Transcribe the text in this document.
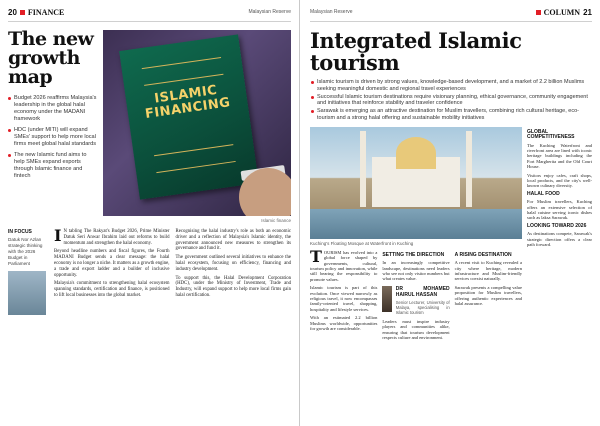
20 FINANCE	Malaysian Reserve
The new growth map
Budget 2026 reaffirms Malaysia's leadership in the global halal economy under the MADANI framework
HDC (under MITI) will expand SMEs' support to help more local firms meet global halal standards
The new Islamic fund aims to help SMEs expand exports through Islamic finance and fintech
ISLAMIC FINANCING
Islamic finance
IN FOCUS
Datuk Nor Azlan strategic thinking with the 2026 Budget in Parliament

I N tabling The Rakyat's Budget 2026, Prime Minister Datuk Seri Anwar Ibrahim laid out reforms to build momentum and strengthen the halal economy.

Beyond headline numbers and fiscal figures, the Fourth MADANI Budget sends a clear message: the halal economy is no longer a niche. It matters as a growth engine, a trade and export ladder and a builder of inclusive opportunity.

Malaysia's commitment to strengthening halal ecosystem spanning standards, certification and finance, is positioned to lift local businesses into the global market.

Recognising the halal industry's role as both an economic driver and a reflection of Malaysia's Islamic identity, the government announced new measures to strengthen its governance and fund it.

The government outlined several initiatives to enhance the halal ecosystem, focusing on efficiency, financing and industry development.

To support this, the Halal Development Corporation (HDC), under the Ministry of Investment, Trade and Industry, will expand support to help more local firms gain halal certification.

Malaysian Reserve	COLUMN 21
Integrated Islamic tourism
Islamic tourism is driven by strong values, knowledge-based development, and a market of 2.2 billion Muslims seeking meaningful domestic and regional travel experiences
Successful Islamic tourism destinations require visionary planning, ethical governance, community engagement and initiatives that reinforce stability and traveler confidence
Sarawak is emerging as an attractive destination for Muslim travellers, combining rich cultural heritage, eco-tourism and a strong halal offering and sustainable mobility initiatives
Kuching's Floating Mosque at Waterfront in Kuching

TOURISM has evolved into a global force shaped by governments, cultural, tourism policy and innovation, while still bearing the responsibility to promote values.

Islamic tourism is part of this evolution. Once viewed narrowly as religious travel, it now encompasses family-oriented travel, shopping, hospitality and lifestyle services.

With an estimated 2.2 billion Muslims worldwide, opportunities for growth are considerable.

SETTING THE DIRECTION

In an increasingly competitive landscape, destinations need leaders who see not only visitor numbers but what creates value.

DR MOHAMED HAIRUL HASSAN
Senior Lecturer, University of Malaya, specialising in Islamic tourism

Leaders must inspire industry players and communities alike, ensuring that tourism development respects culture and environment.

A RISING DESTINATION

A recent visit to Kuching revealed a city where heritage, modern infrastructure and Muslim-friendly services coexist naturally.

Sarawak presents a compelling value proposition for Muslim travellers, offering authentic experiences and halal assurance.

GLOBAL COMPETITIVENESS

The Kuching Waterfront and riverfront area are lined with iconic heritage buildings including the Fort Margherita and the Old Court House.

Visitors enjoy cafes, craft shops, local products, and the city's well-known culinary diversity.

HALAL FOOD

For Muslim travellers, Kuching offers an extensive selection of halal cuisine serving iconic dishes such as laksa Sarawak.

LOOKING TOWARD 2026

As destinations compete, Sarawak's strategic direction offers a clear path forward.
